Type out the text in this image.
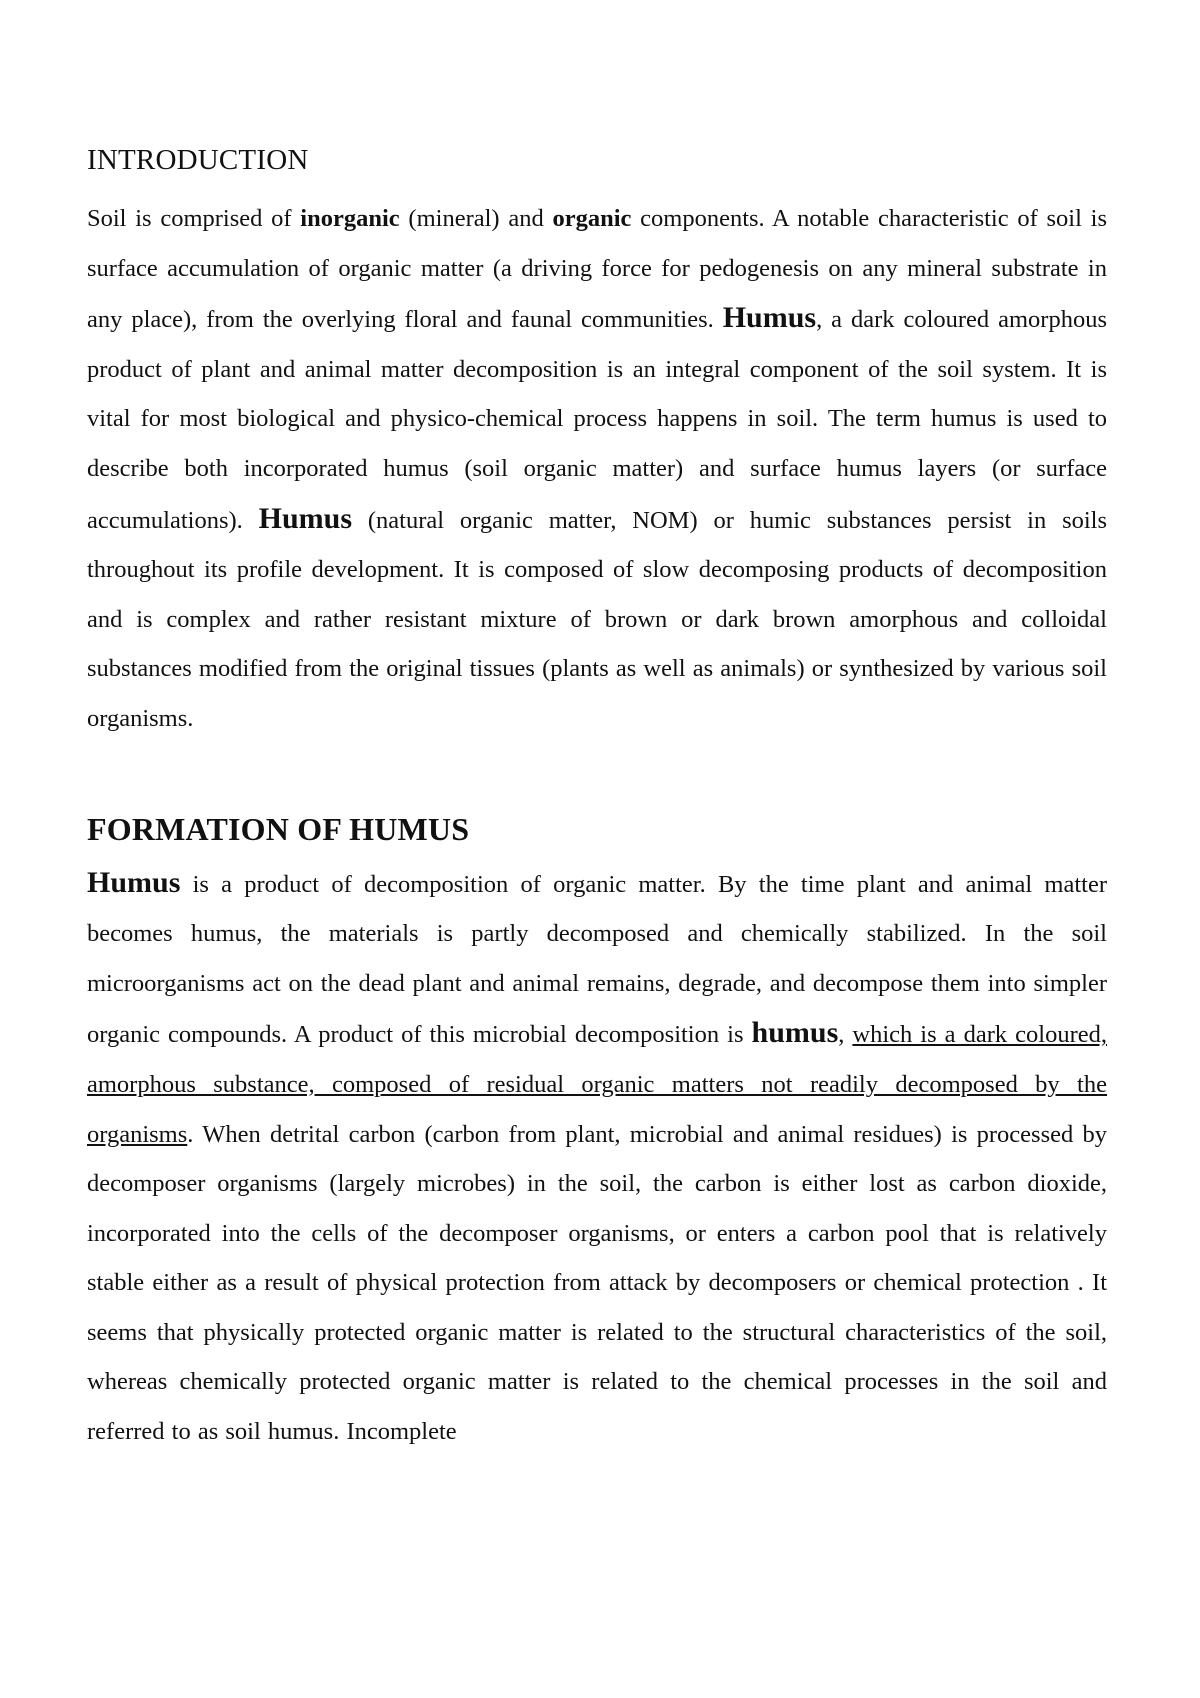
INTRODUCTION

Soil is comprised of inorganic (mineral) and organic components. A notable characteristic of soil is surface accumulation of organic matter (a driving force for pedogenesis on any mineral substrate in any place), from the overlying floral and faunal communities. Humus, a dark coloured amorphous product of plant and animal matter decomposition is an integral component of the soil system. It is vital for most biological and physico-chemical process happens in soil. The term humus is used to describe both incorporated humus (soil organic matter) and surface humus layers (or surface accumulations). Humus (natural organic matter, NOM) or humic substances persist in soils throughout its profile development. It is composed of slow decomposing products of decomposition and is complex and rather resistant mixture of brown or dark brown amorphous and colloidal substances modified from the original tissues (plants as well as animals) or synthesized by various soil organisms.

FORMATION OF HUMUS

Humus is a product of decomposition of organic matter. By the time plant and animal matter becomes humus, the materials is partly decomposed and chemically stabilized. In the soil microorganisms act on the dead plant and animal remains, degrade, and decompose them into simpler organic compounds. A product of this microbial decomposition is humus, which is a dark coloured, amorphous substance, composed of residual organic matters not readily decomposed by the organisms. When detrital carbon (carbon from plant, microbial and animal residues) is processed by decomposer organisms (largely microbes) in the soil, the carbon is either lost as carbon dioxide, incorporated into the cells of the decomposer organisms, or enters a carbon pool that is relatively stable either as a result of physical protection from attack by decomposers or chemical protection . It seems that physically protected organic matter is related to the structural characteristics of the soil, whereas chemically protected organic matter is related to the chemical processes in the soil and referred to as soil humus. Incomplete
